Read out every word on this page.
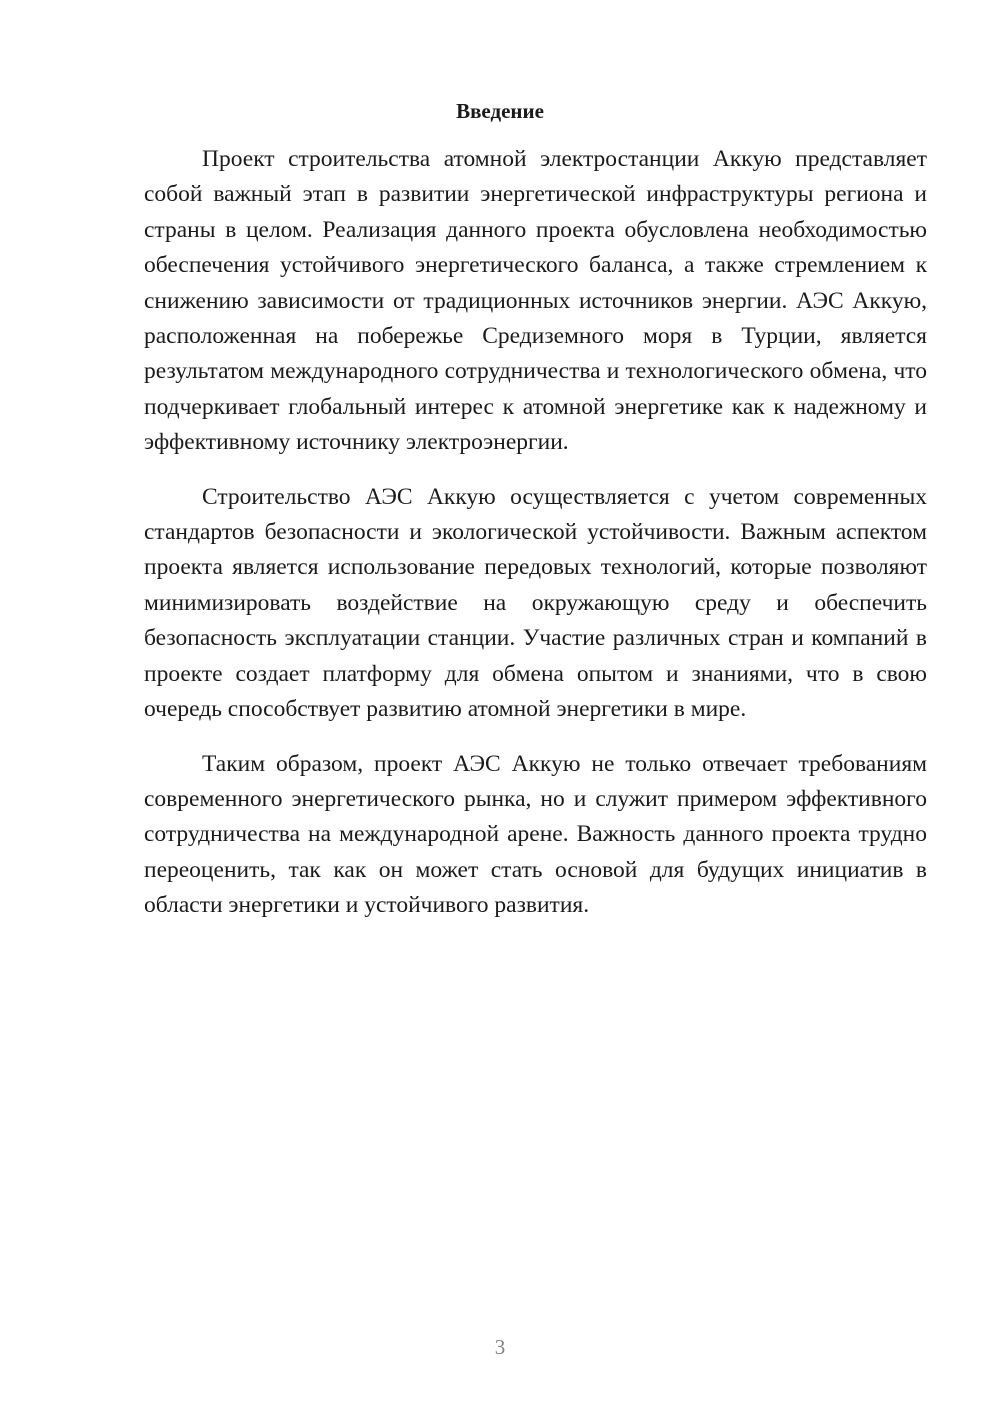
Введение

Проект строительства атомной электростанции Аккую представляет собой важный этап в развитии энергетической инфраструктуры региона и страны в целом. Реализация данного проекта обусловлена необходимостью обеспечения устойчивого энергетического баланса, а также стремлением к снижению зависимости от традиционных источников энергии. АЭС Аккую, расположенная на побережье Средиземного моря в Турции, является результатом международного сотрудничества и технологического обмена, что подчеркивает глобальный интерес к атомной энергетике как к надежному и эффективному источнику электроэнергии.

Строительство АЭС Аккую осуществляется с учетом современных стандартов безопасности и экологической устойчивости. Важным аспектом проекта является использование передовых технологий, которые позволяют минимизировать воздействие на окружающую среду и обеспечить безопасность эксплуатации станции. Участие различных стран и компаний в проекте создает платформу для обмена опытом и знаниями, что в свою очередь способствует развитию атомной энергетики в мире.

Таким образом, проект АЭС Аккую не только отвечает требованиям современного энергетического рынка, но и служит примером эффективного сотрудничества на международной арене. Важность данного проекта трудно переоценить, так как он может стать основой для будущих инициатив в области энергетики и устойчивого развития.

3
